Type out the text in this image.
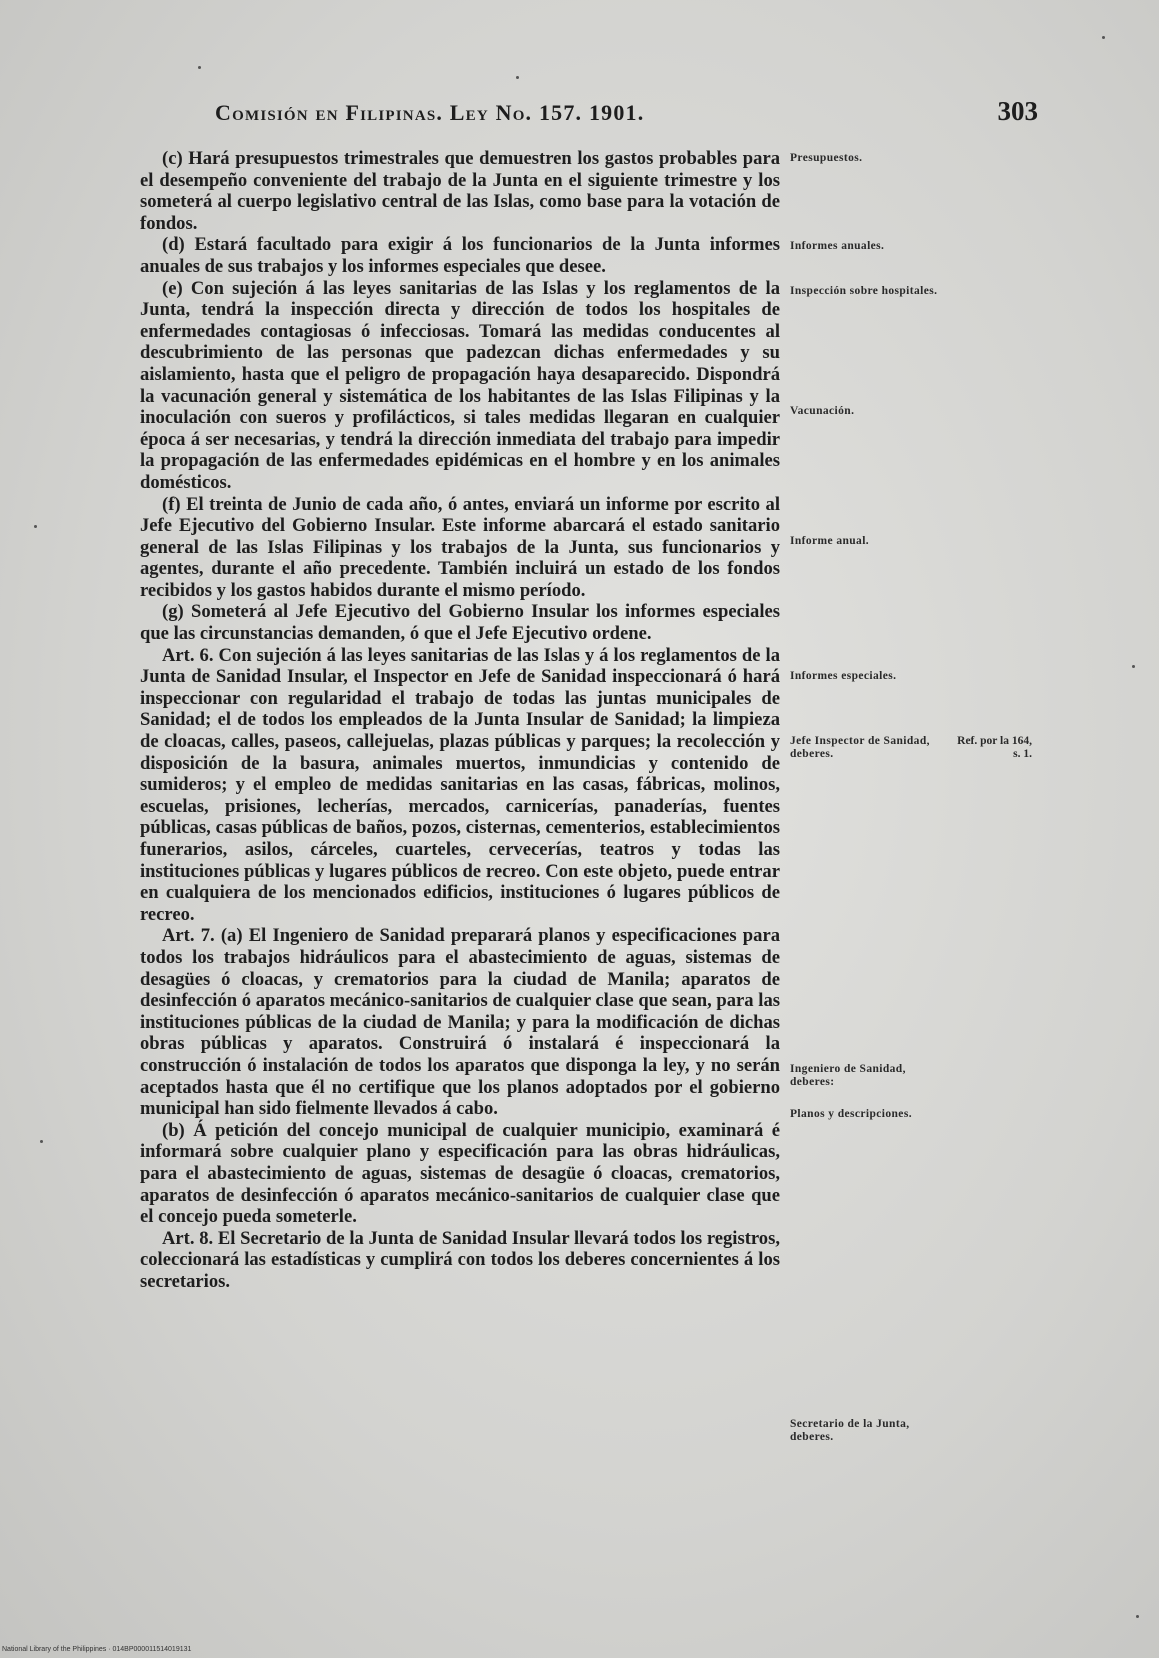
Comisión en Filipinas. Ley No. 157. 1901.	303

(c) Hará presupuestos trimestrales que demuestren los gastos probables para el desempeño conveniente del trabajo de la Junta en el siguiente trimestre y los someterá al cuerpo legislativo central de las Islas, como base para la votación de fondos.

(d) Estará facultado para exigir á los funcionarios de la Junta informes anuales de sus trabajos y los informes especiales que desee.

(e) Con sujeción á las leyes sanitarias de las Islas y los reglamentos de la Junta, tendrá la inspección directa y dirección de todos los hospitales de enfermedades contagiosas ó infecciosas. Tomará las medidas conducentes al descubrimiento de las personas que padezcan dichas enfermedades y su aislamiento, hasta que el peligro de propagación haya desaparecido. Dispondrá la vacunación general y sistemática de los habitantes de las Islas Filipinas y la inoculación con sueros y profilácticos, si tales medidas llegaran en cualquier época á ser necesarias, y tendrá la dirección inmediata del trabajo para impedir la propagación de las enfermedades epidémicas en el hombre y en los animales domésticos.

(f) El treinta de Junio de cada año, ó antes, enviará un informe por escrito al Jefe Ejecutivo del Gobierno Insular. Este informe abarcará el estado sanitario general de las Islas Filipinas y los trabajos de la Junta, sus funcionarios y agentes, durante el año precedente. También incluirá un estado de los fondos recibidos y los gastos habidos durante el mismo período.

(g) Someterá al Jefe Ejecutivo del Gobierno Insular los informes especiales que las circunstancias demanden, ó que el Jefe Ejecutivo ordene.

Art. 6. Con sujeción á las leyes sanitarias de las Islas y á los reglamentos de la Junta de Sanidad Insular, el Inspector en Jefe de Sanidad inspeccionará ó hará inspeccionar con regularidad el trabajo de todas las juntas municipales de Sanidad; el de todos los empleados de la Junta Insular de Sanidad; la limpieza de cloacas, calles, paseos, callejuelas, plazas públicas y parques; la recolección y disposición de la basura, animales muertos, inmundicias y contenido de sumideros; y el empleo de medidas sanitarias en las casas, fábricas, molinos, escuelas, prisiones, lecherías, mercados, carnicerías, panaderías, fuentes públicas, casas públicas de baños, pozos, cisternas, cementerios, establecimientos funerarios, asilos, cárceles, cuarteles, cervecerías, teatros y todas las instituciones públicas y lugares públicos de recreo. Con este objeto, puede entrar en cualquiera de los mencionados edificios, instituciones ó lugares públicos de recreo.

Art. 7. (a) El Ingeniero de Sanidad preparará planos y especificaciones para todos los trabajos hidráulicos para el abastecimiento de aguas, sistemas de desagües ó cloacas, y crematorios para la ciudad de Manila; aparatos de desinfección ó aparatos mecánico-sanitarios de cualquier clase que sean, para las instituciones públicas de la ciudad de Manila; y para la modificación de dichas obras públicas y aparatos. Construirá ó instalará é inspeccionará la construcción ó instalación de todos los aparatos que disponga la ley, y no serán aceptados hasta que él no certifique que los planos adoptados por el gobierno municipal han sido fielmente llevados á cabo.

(b) Á petición del concejo municipal de cualquier municipio, examinará é informará sobre cualquier plano y especificación para las obras hidráulicas, para el abastecimiento de aguas, sistemas de desagüe ó cloacas, crematorios, aparatos de desinfección ó aparatos mecánico-sanitarios de cualquier clase que el concejo pueda someterle.

Art. 8. El Secretario de la Junta de Sanidad Insular llevará todos los registros, coleccionará las estadísticas y cumplirá con todos los deberes concernientes á los secretarios.

Presupuestos.
Informes anuales.
Inspección sobre hospitales.
Vacunación.
Informe anual.
Informes especiales.
Jefe Inspector de Sanidad, deberes.
Ref. por la 164, s. 1.
Ingeniero de Sanidad, deberes:
Planos y descripciones.
Secretario de la Junta, deberes.
National Library of the Philippines · 014BP000011514019131
